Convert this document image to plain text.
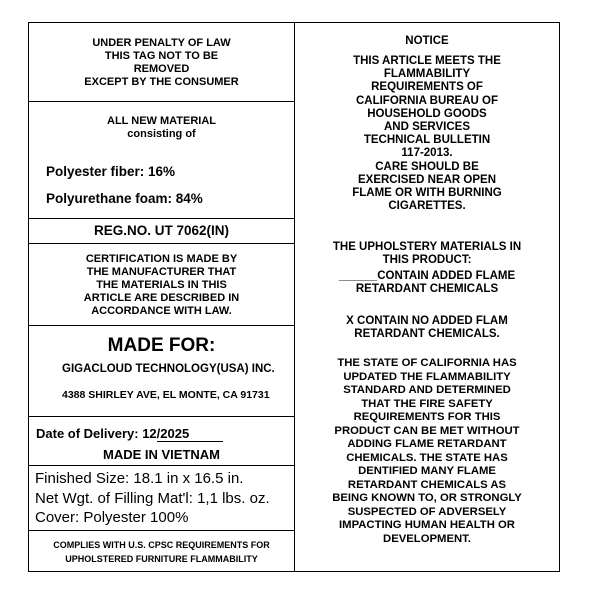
UNDER PENALTY OF LAW
THIS TAG NOT TO BE
REMOVED
EXCEPT BY THE CONSUMER
ALL NEW MATERIAL
consisting of
Polyester fiber: 16%
Polyurethane foam: 84%
REG.NO. UT 7062(IN)
CERTIFICATION IS MADE BY
THE MANUFACTURER THAT
THE MATERIALS IN THIS
ARTICLE ARE DESCRIBED IN
ACCORDANCE WITH LAW.
MADE FOR:
GIGACLOUD TECHNOLOGY(USA) INC.
4388 SHIRLEY AVE, EL MONTE, CA 91731
Date of Delivery: 12/2025
MADE IN VIETNAM
Finished Size: 18.1 in x 16.5 in.
Net Wgt. of Filling Mat'l: 1,1 lbs. oz.
Cover: Polyester 100%
COMPLIES WITH U.S. CPSC REQUIREMENTS FOR
UPHOLSTERED FURNITURE FLAMMABILITY
NOTICE
THIS ARTICLE MEETS THE
FLAMMABILITY
REQUIREMENTS OF
CALIFORNIA BUREAU OF
HOUSEHOLD GOODS
AND SERVICES
TECHNICAL BULLETIN
117-2013.
CARE SHOULD BE
EXERCISED NEAR OPEN
FLAME OR WITH BURNING
CIGARETTES.
THE UPHOLSTERY MATERIALS IN
THIS PRODUCT:
______CONTAIN ADDED FLAME
RETARDANT CHEMICALS
X CONTAIN NO ADDED FLAM
RETARDANT CHEMICALS.
THE STATE OF CALIFORNIA HAS
UPDATED THE FLAMMABILITY
STANDARD AND DETERMINED
THAT THE FIRE SAFETY
REQUIREMENTS FOR THIS
PRODUCT CAN BE MET WITHOUT
ADDING FLAME RETARDANT
CHEMICALS. THE STATE HAS
DENTIFIED MANY FLAME
RETARDANT CHEMICALS AS
BEING KNOWN TO, OR STRONGLY
SUSPECTED OF ADVERSELY
IMPACTING HUMAN HEALTH OR
DEVELOPMENT.
